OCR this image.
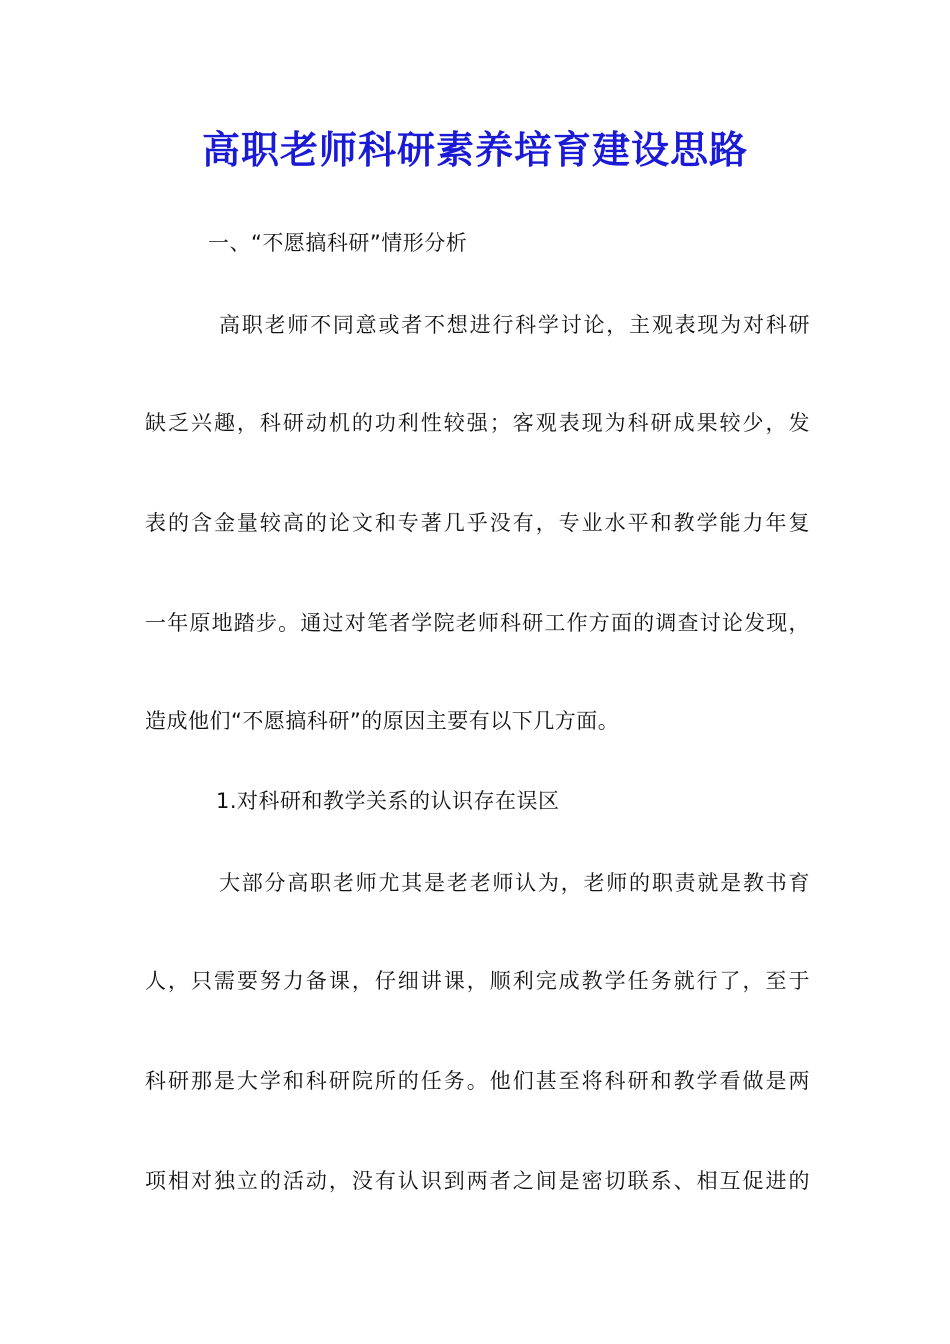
高职老师科研素养培育建设思路
一、“不愿搞科研”情形分析
高职老师不同意或者不想进行科学讨论，主观表现为对科研
缺乏兴趣，科研动机的功利性较强；客观表现为科研成果较少，发
表的含金量较高的论文和专著几乎没有，专业水平和教学能力年复
一年原地踏步。通过对笔者学院老师科研工作方面的调查讨论发现，
造成他们“不愿搞科研”的原因主要有以下几方面。
1.对科研和教学关系的认识存在误区
大部分高职老师尤其是老老师认为，老师的职责就是教书育
人，只需要努力备课，仔细讲课，顺利完成教学任务就行了，至于
科研那是大学和科研院所的任务。他们甚至将科研和教学看做是两
项相对独立的活动，没有认识到两者之间是密切联系、相互促进的
